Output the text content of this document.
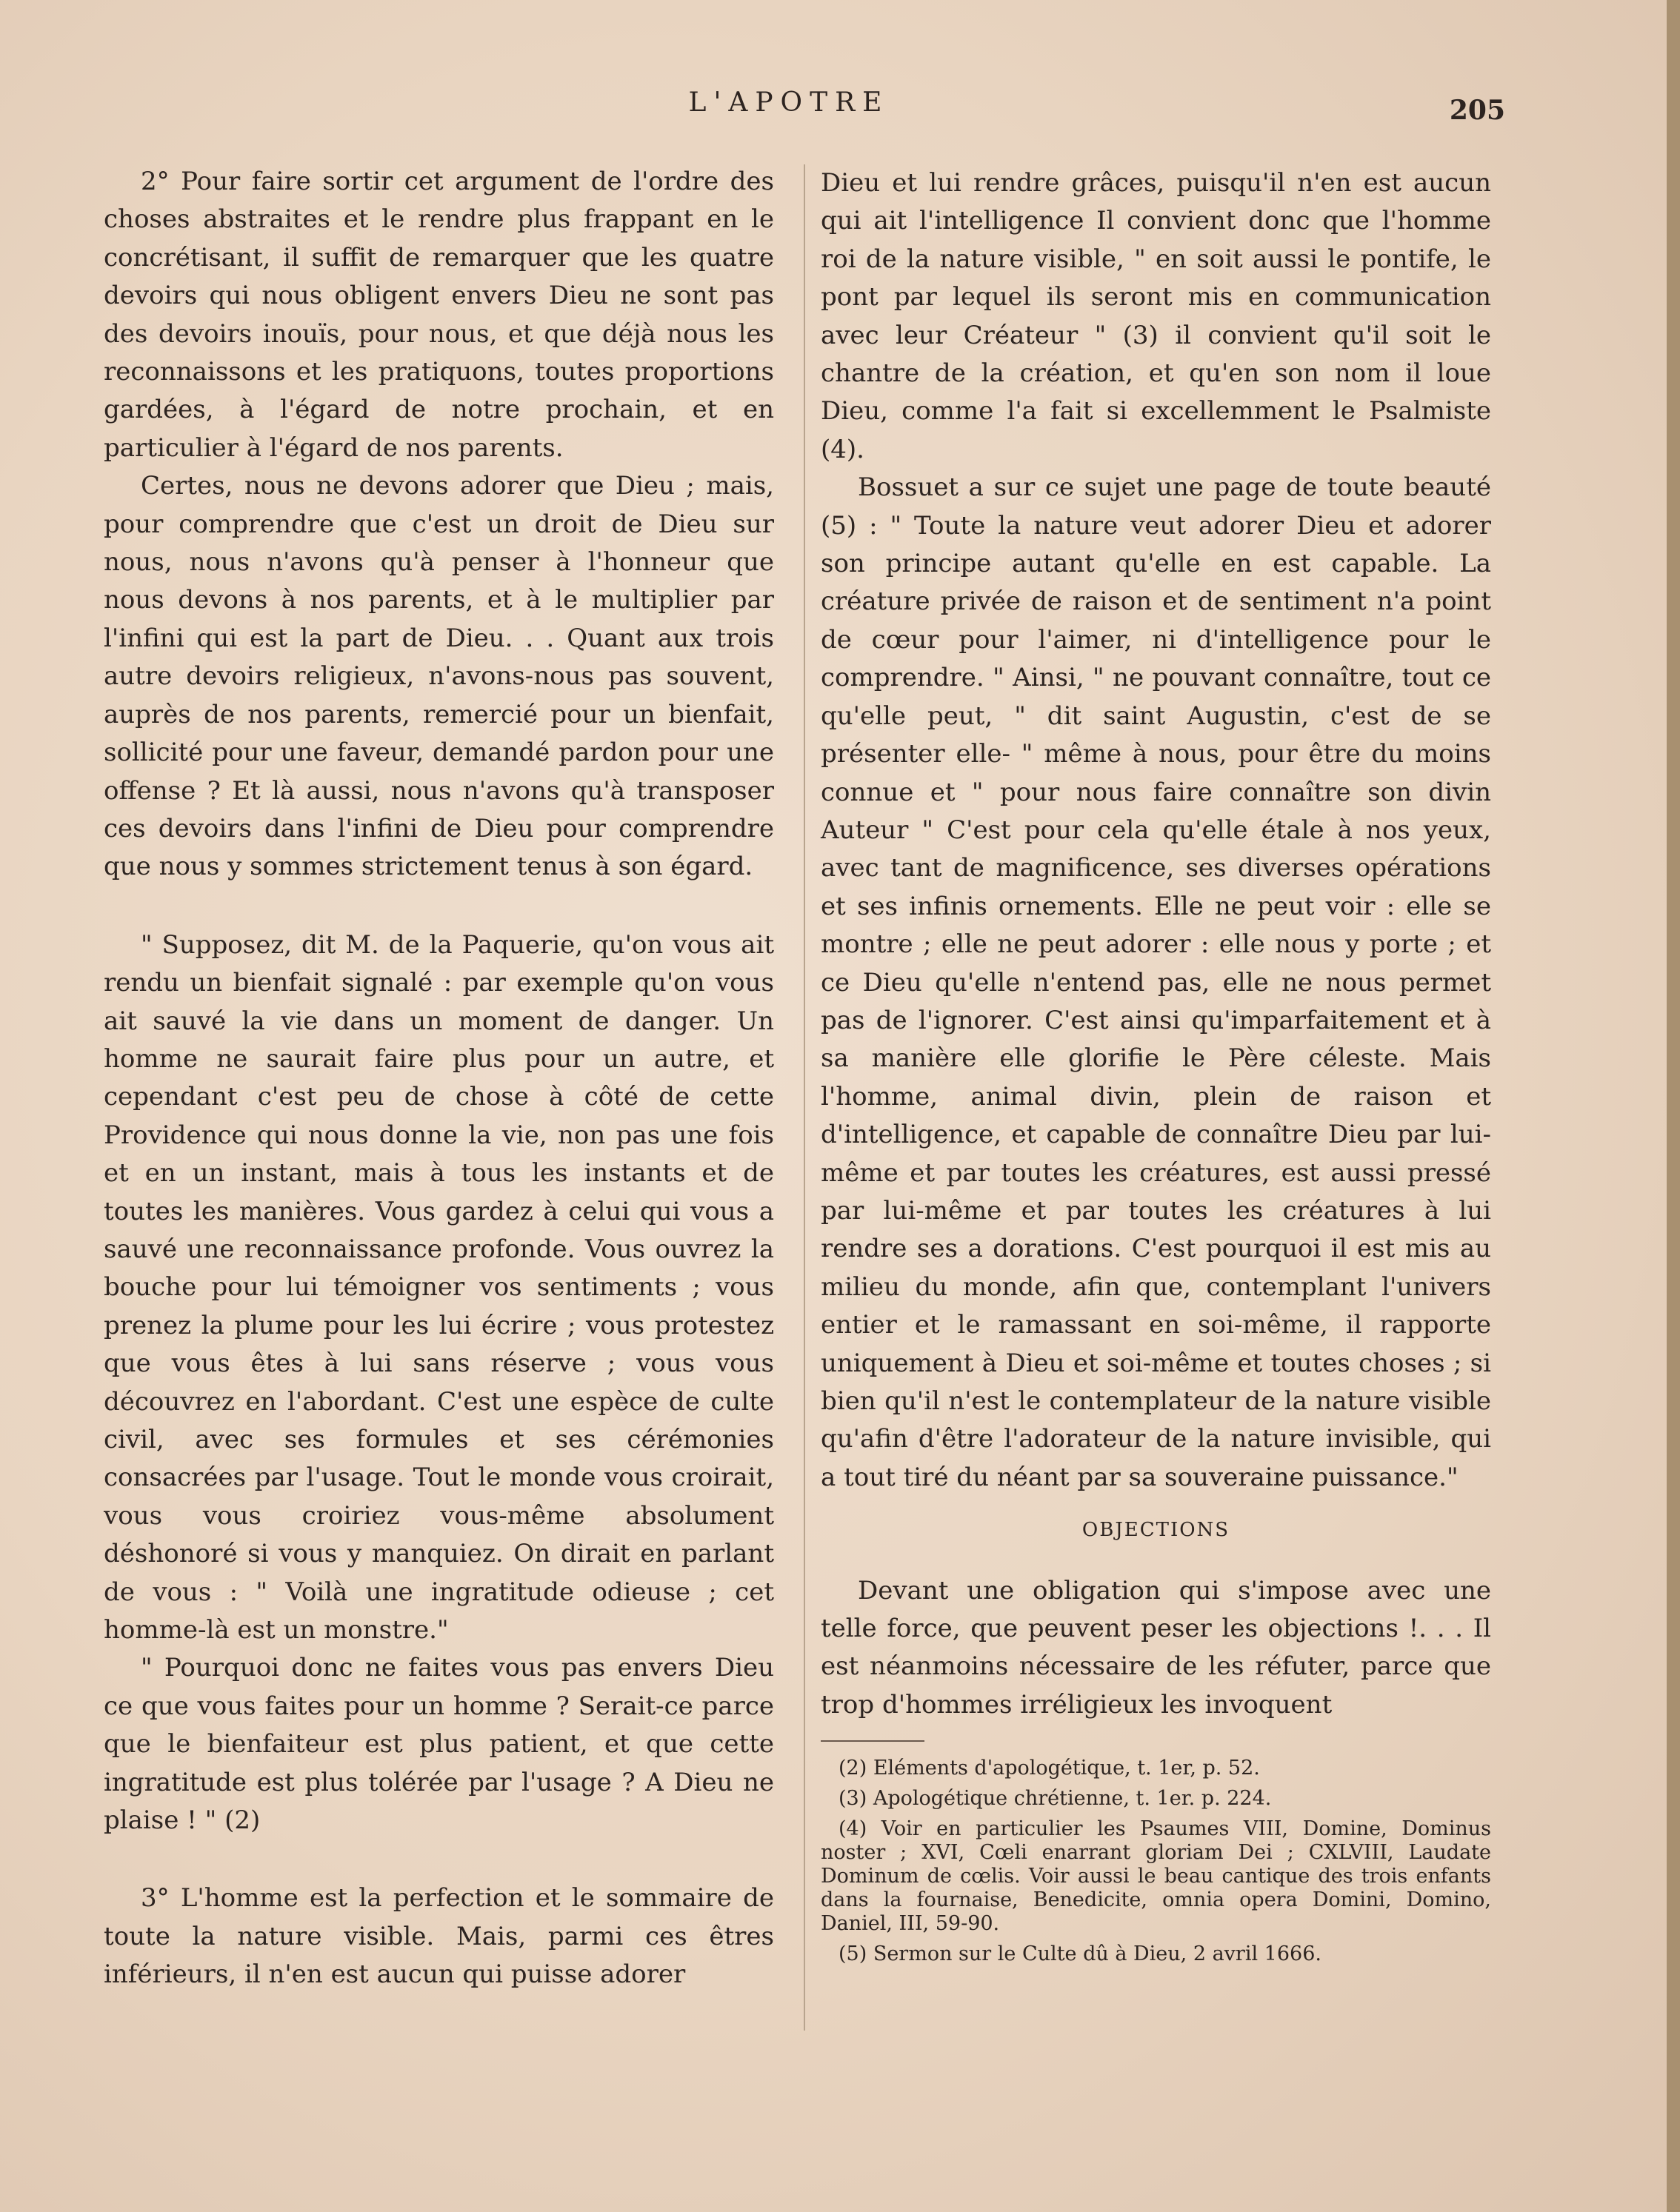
L'APOTRE	205

2° Pour faire sortir cet argument de l'ordre des choses abstraites et le rendre plus frappant en le concrétisant, il suffit de remarquer que les quatre devoirs qui nous obligent envers Dieu ne sont pas des devoirs inouïs, pour nous, et que déjà nous les reconnaissons et les pratiquons, toutes proportions gardées, à l'égard de notre prochain, et en particulier à l'égard de nos parents.

Certes, nous ne devons adorer que Dieu ; mais, pour comprendre que c'est un droit de Dieu sur nous, nous n'avons qu'à penser à l'honneur que nous devons à nos parents, et à le multiplier par l'infini qui est la part de Dieu. . . Quant aux trois autre devoirs religieux, n'avons-nous pas souvent, auprès de nos parents, remercié pour un bienfait, sollicité pour une faveur, demandé pardon pour une offense ? Et là aussi, nous n'avons qu'à transposer ces devoirs dans l'infini de Dieu pour comprendre que nous y sommes strictement tenus à son égard.

" Supposez, dit M. de la Paquerie, qu'on vous ait rendu un bienfait signalé : par exemple qu'on vous ait sauvé la vie dans un moment de danger. Un homme ne saurait faire plus pour un autre, et cependant c'est peu de chose à côté de cette Providence qui nous donne la vie, non pas une fois et en un instant, mais à tous les instants et de toutes les manières. Vous gardez à celui qui vous a sauvé une reconnaissance profonde. Vous ouvrez la bouche pour lui témoigner vos sentiments ; vous prenez la plume pour les lui écrire ; vous protestez que vous êtes à lui sans réserve ; vous vous découvrez en l'abordant. C'est une espèce de culte civil, avec ses formules et ses cérémonies consacrées par l'usage. Tout le monde vous croirait, vous vous croiriez vous-même absolument déshonoré si vous y manquiez. On dirait en parlant de vous : " Voilà une ingratitude odieuse ; cet homme-là est un monstre."

" Pourquoi donc ne faites vous pas envers Dieu ce que vous faites pour un homme ? Serait-ce parce que le bienfaiteur est plus patient, et que cette ingratitude est plus tolérée par l'usage ? A Dieu ne plaise ! " (2)

3° L'homme est la perfection et le sommaire de toute la nature visible. Mais, parmi ces êtres inférieurs, il n'en est aucun qui puisse adorer

Dieu et lui rendre grâces, puisqu'il n'en est aucun qui ait l'intelligence Il convient donc que l'homme roi de la nature visible, " en soit aussi le pontife, le pont par lequel ils seront mis en communication avec leur Créateur " (3) il convient qu'il soit le chantre de la création, et qu'en son nom il loue Dieu, comme l'a fait si excellemment le Psalmiste (4).

Bossuet a sur ce sujet une page de toute beauté (5) : " Toute la nature veut adorer Dieu et adorer son principe autant qu'elle en est capable. La créature privée de raison et de sentiment n'a point de cœur pour l'aimer, ni d'intelligence pour le comprendre. " Ainsi, " ne pouvant connaître, tout ce qu'elle peut, " dit saint Augustin, c'est de se présenter elle- " même à nous, pour être du moins connue et " pour nous faire connaître son divin Auteur " C'est pour cela qu'elle étale à nos yeux, avec tant de magnificence, ses diverses opérations et ses infinis ornements. Elle ne peut voir : elle se montre ; elle ne peut adorer : elle nous y porte ; et ce Dieu qu'elle n'entend pas, elle ne nous permet pas de l'ignorer. C'est ainsi qu'imparfaitement et à sa manière elle glorifie le Père céleste. Mais l'homme, animal divin, plein de raison et d'intelligence, et capable de connaître Dieu par lui-même et par toutes les créatures, est aussi pressé par lui-même et par toutes les créatures à lui rendre ses a dorations. C'est pourquoi il est mis au milieu du monde, afin que, contemplant l'univers entier et le ramassant en soi-même, il rapporte uniquement à Dieu et soi-même et toutes choses ; si bien qu'il n'est le contemplateur de la nature visible qu'afin d'être l'adorateur de la nature invisible, qui a tout tiré du néant par sa souveraine puissance."

OBJECTIONS

Devant une obligation qui s'impose avec une telle force, que peuvent peser les objections !. . . Il est néanmoins nécessaire de les réfuter, parce que trop d'hommes irréligieux les invoquent

(2) Eléments d'apologétique, t. 1er, p. 52.

(3) Apologétique chrétienne, t. 1er. p. 224.

(4) Voir en particulier les Psaumes VIII, Domine, Dominus noster ; XVI, Cœli enarrant gloriam Dei ; CXLVIII, Laudate Dominum de cœlis. Voir aussi le beau cantique des trois enfants dans la fournaise, Benedicite, omnia opera Domini, Domino, Daniel, III, 59-90.

(5) Sermon sur le Culte dû à Dieu, 2 avril 1666.
